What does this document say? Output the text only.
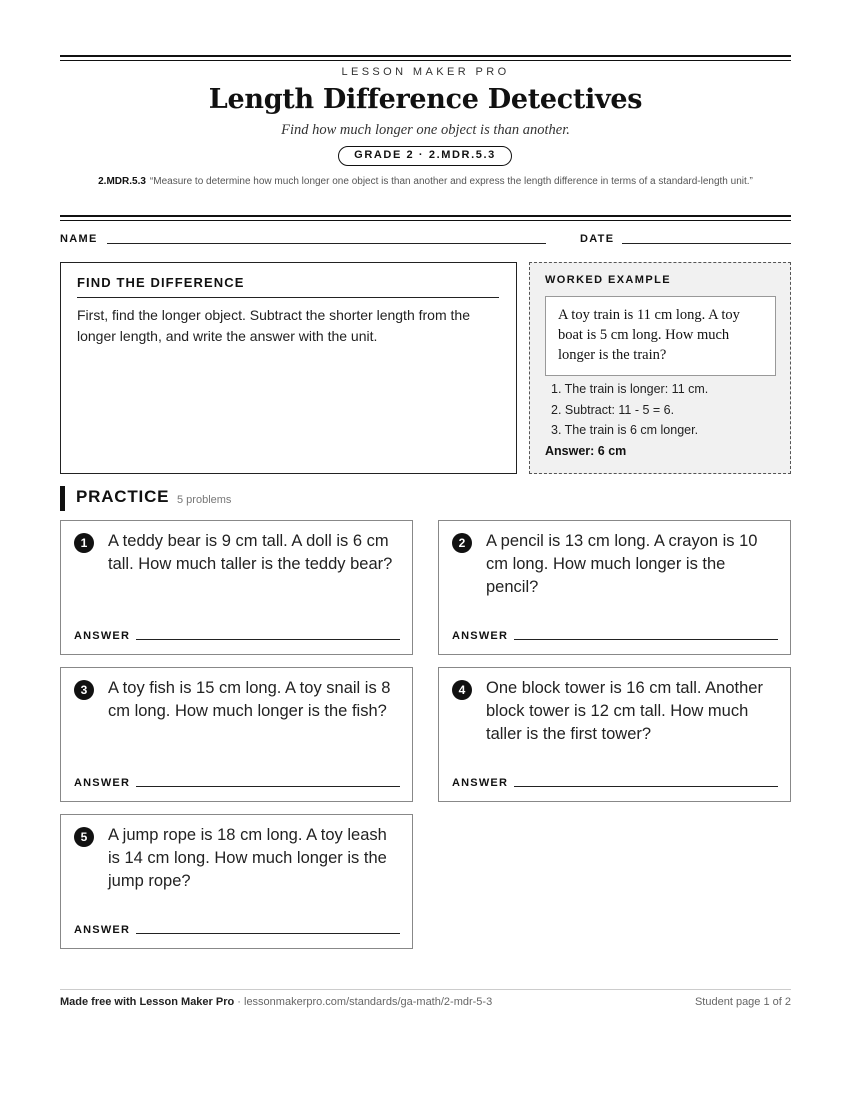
LESSON MAKER PRO
Length Difference Detectives
Find how much longer one object is than another.
GRADE 2 · 2.MDR.5.3
2.MDR.5.3 “Measure to determine how much longer one object is than another and express the length difference in terms of a standard-length unit.”
NAME	DATE
FIND THE DIFFERENCE
First, find the longer object. Subtract the shorter length from the longer length, and write the answer with the unit.
WORKED EXAMPLE
A toy train is 11 cm long. A toy boat is 5 cm long. How much longer is the train?
1. The train is longer: 11 cm.
2. Subtract: 11 - 5 = 6.
3. The train is 6 cm longer.
Answer: 6 cm
PRACTICE 5 problems
1	A teddy bear is 9 cm tall. A doll is 6 cm tall. How much taller is the teddy bear?
ANSWER
2	A pencil is 13 cm long. A crayon is 10 cm long. How much longer is the pencil?
ANSWER
3	A toy fish is 15 cm long. A toy snail is 8 cm long. How much longer is the fish?
ANSWER
4	One block tower is 16 cm tall. Another block tower is 12 cm tall. How much taller is the first tower?
ANSWER
5	A jump rope is 18 cm long. A toy leash is 14 cm long. How much longer is the jump rope?
ANSWER
Made free with Lesson Maker Pro · lessonmakerpro.com/standards/ga-math/2-mdr-5-3	Student page 1 of 2
